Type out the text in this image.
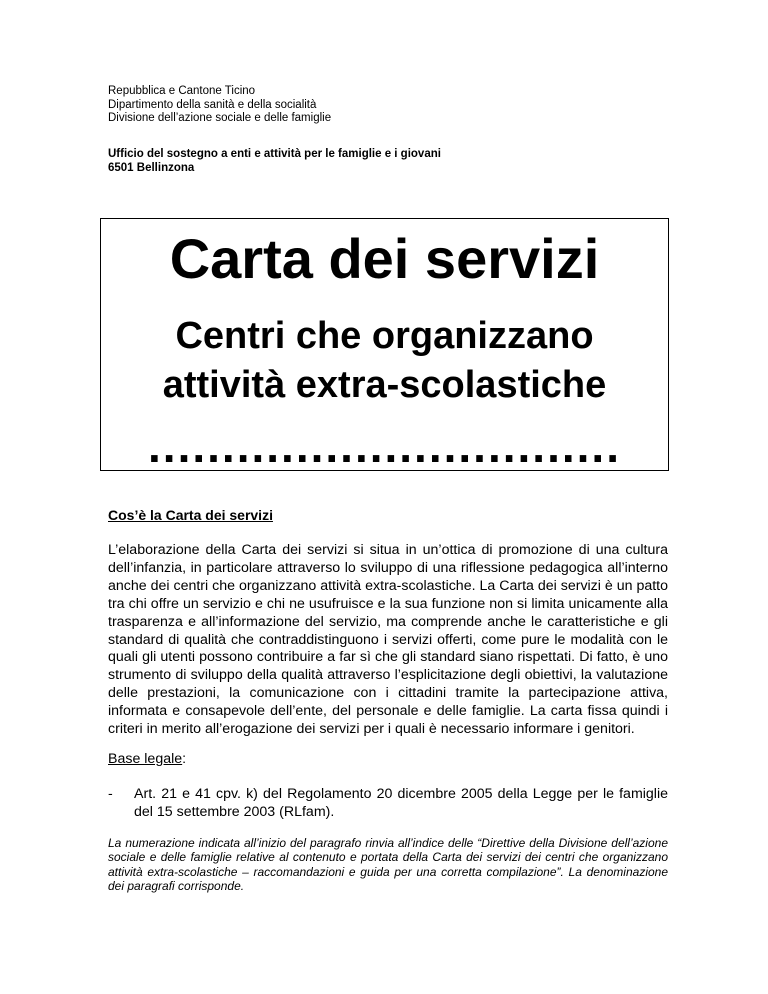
Repubblica e Cantone Ticino
Dipartimento della sanità e della socialità
Divisione dell’azione sociale e delle famiglie
Ufficio del sostegno a enti e attività per le famiglie e i giovani
6501 Bellinzona
Carta dei servizi
Centri che organizzano
attività extra-scolastiche
................................
Cos’è la Carta dei servizi
L’elaborazione della Carta dei servizi si situa in un’ottica di promozione di una cultura dell’infanzia, in particolare attraverso lo sviluppo di una riflessione pedagogica all’interno anche dei centri che organizzano attività extra-scolastiche. La Carta dei servizi è un patto tra chi offre un servizio e chi ne usufruisce e la sua funzione non si limita unicamente alla trasparenza e all’informazione del servizio, ma comprende anche le caratteristiche e gli standard di qualità che contraddistinguono i servizi offerti, come pure le modalità con le quali gli utenti possono contribuire a far sì che gli standard siano rispettati. Di fatto, è uno strumento di sviluppo della qualità attraverso l’esplicitazione degli obiettivi, la valutazione delle prestazioni, la comunicazione con i cittadini tramite la partecipazione attiva, informata e consapevole dell’ente, del personale e delle famiglie. La carta fissa quindi i criteri in merito all’erogazione dei servizi per i quali è necessario informare i genitori.
Base legale:
- Art. 21 e 41 cpv. k) del Regolamento 20 dicembre 2005 della Legge per le famiglie del 15 settembre 2003 (RLfam).
La numerazione indicata all’inizio del paragrafo rinvia all’indice delle “Direttive della Divisione dell’azione sociale e delle famiglie relative al contenuto e portata della Carta dei servizi dei centri che organizzano attività extra-scolastiche – raccomandazioni e guida per una corretta compilazione”. La denominazione dei paragrafi corrisponde.
